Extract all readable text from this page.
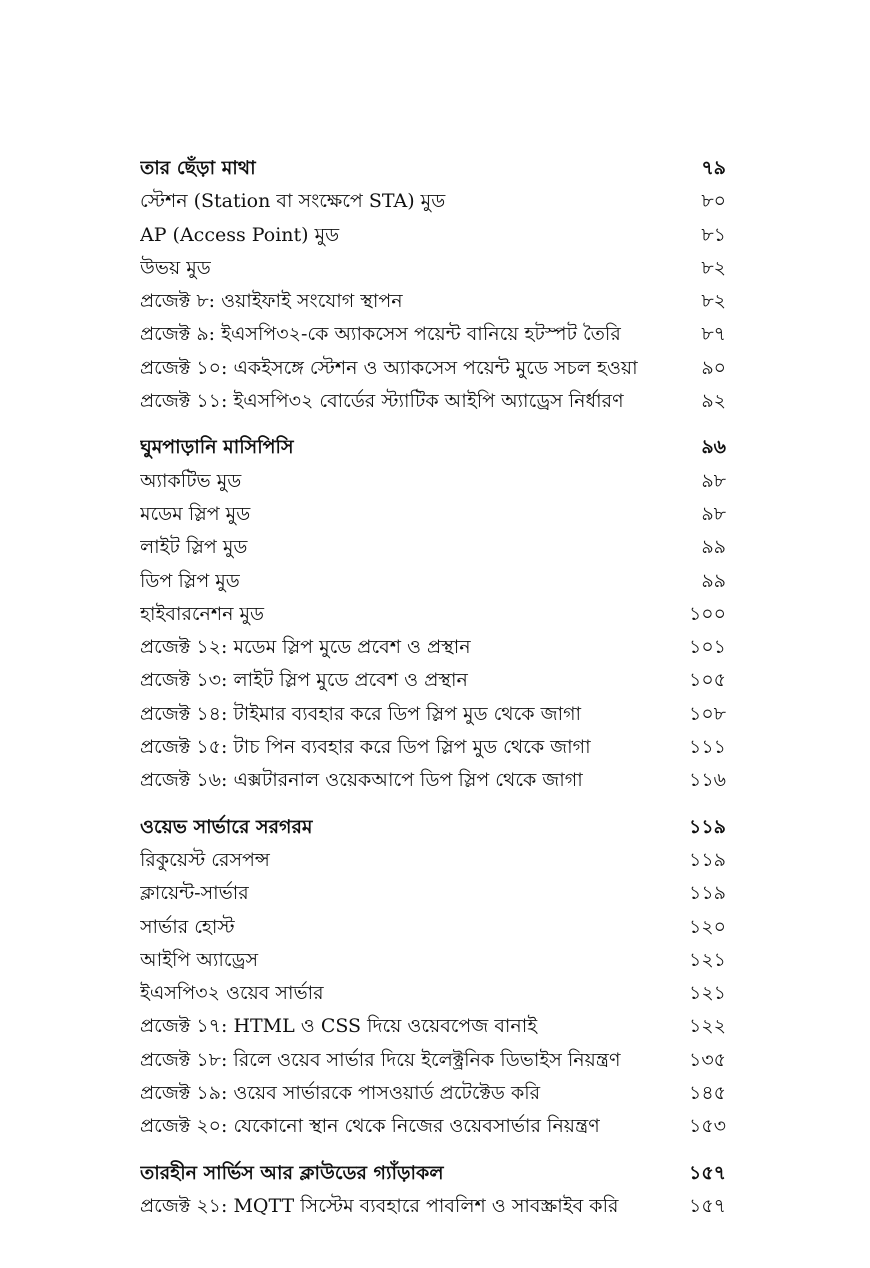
তার ছেঁড়া মাথা	৭৯
স্টেশন (Station বা সংক্ষেপে STA) মুড	৮০
AP (Access Point) মুড	৮১
উভয় মুড	৮২
প্রজেক্ট ৮: ওয়াইফাই সংযোগ স্থাপন	৮২
প্রজেক্ট ৯: ইএসপি৩২-কে অ্যাকসেস পয়েন্ট বানিয়ে হটস্পট তৈরি	৮৭
প্রজেক্ট ১০: একইসঙ্গে স্টেশন ও অ্যাকসেস পয়েন্ট মুডে সচল হওয়া	৯০
প্রজেক্ট ১১: ইএসপি৩২ বোর্ডের স্ট্যাটিক আইপি অ্যাড্রেস নির্ধারণ	৯২
ঘুমপাড়ানি মাসিপিসি	৯৬
অ্যাকটিভ মুড	৯৮
মডেম স্লিপ মুড	৯৮
লাইট স্লিপ মুড	৯৯
ডিপ স্লিপ মুড	৯৯
হাইবারনেশন মুড	১০০
প্রজেক্ট ১২: মডেম স্লিপ মুডে প্রবেশ ও প্রস্থান	১০১
প্রজেক্ট ১৩: লাইট স্লিপ মুডে প্রবেশ ও প্রস্থান	১০৫
প্রজেক্ট ১৪: টাইমার ব্যবহার করে ডিপ স্লিপ মুড থেকে জাগা	১০৮
প্রজেক্ট ১৫: টাচ পিন ব্যবহার করে ডিপ স্লিপ মুড থেকে জাগা	১১১
প্রজেক্ট ১৬: এক্সটারনাল ওয়েকআপে ডিপ স্লিপ থেকে জাগা	১১৬
ওয়েভ সার্ভারে সরগরম	১১৯
রিকুয়েস্ট রেসপন্স	১১৯
ক্লায়েন্ট-সার্ভার	১১৯
সার্ভার হোস্ট	১২০
আইপি অ্যাড্রেস	১২১
ইএসপি৩২ ওয়েব সার্ভার	১২১
প্রজেক্ট ১৭: HTML ও CSS দিয়ে ওয়েবপেজ বানাই	১২২
প্রজেক্ট ১৮: রিলে ওয়েব সার্ভার দিয়ে ইলেক্ট্রনিক ডিভাইস নিয়ন্ত্রণ	১৩৫
প্রজেক্ট ১৯: ওয়েব সার্ভারকে পাসওয়ার্ড প্রটেক্টেড করি	১৪৫
প্রজেক্ট ২০: যেকোনো স্থান থেকে নিজের ওয়েবসার্ভার নিয়ন্ত্রণ	১৫৩
তারহীন সার্ভিস আর ক্লাউডের গ্যাঁড়াকল	১৫৭
প্রজেক্ট ২১: MQTT সিস্টেম ব্যবহারে পাবলিশ ও সাবস্ক্রাইব করি	১৫৭
